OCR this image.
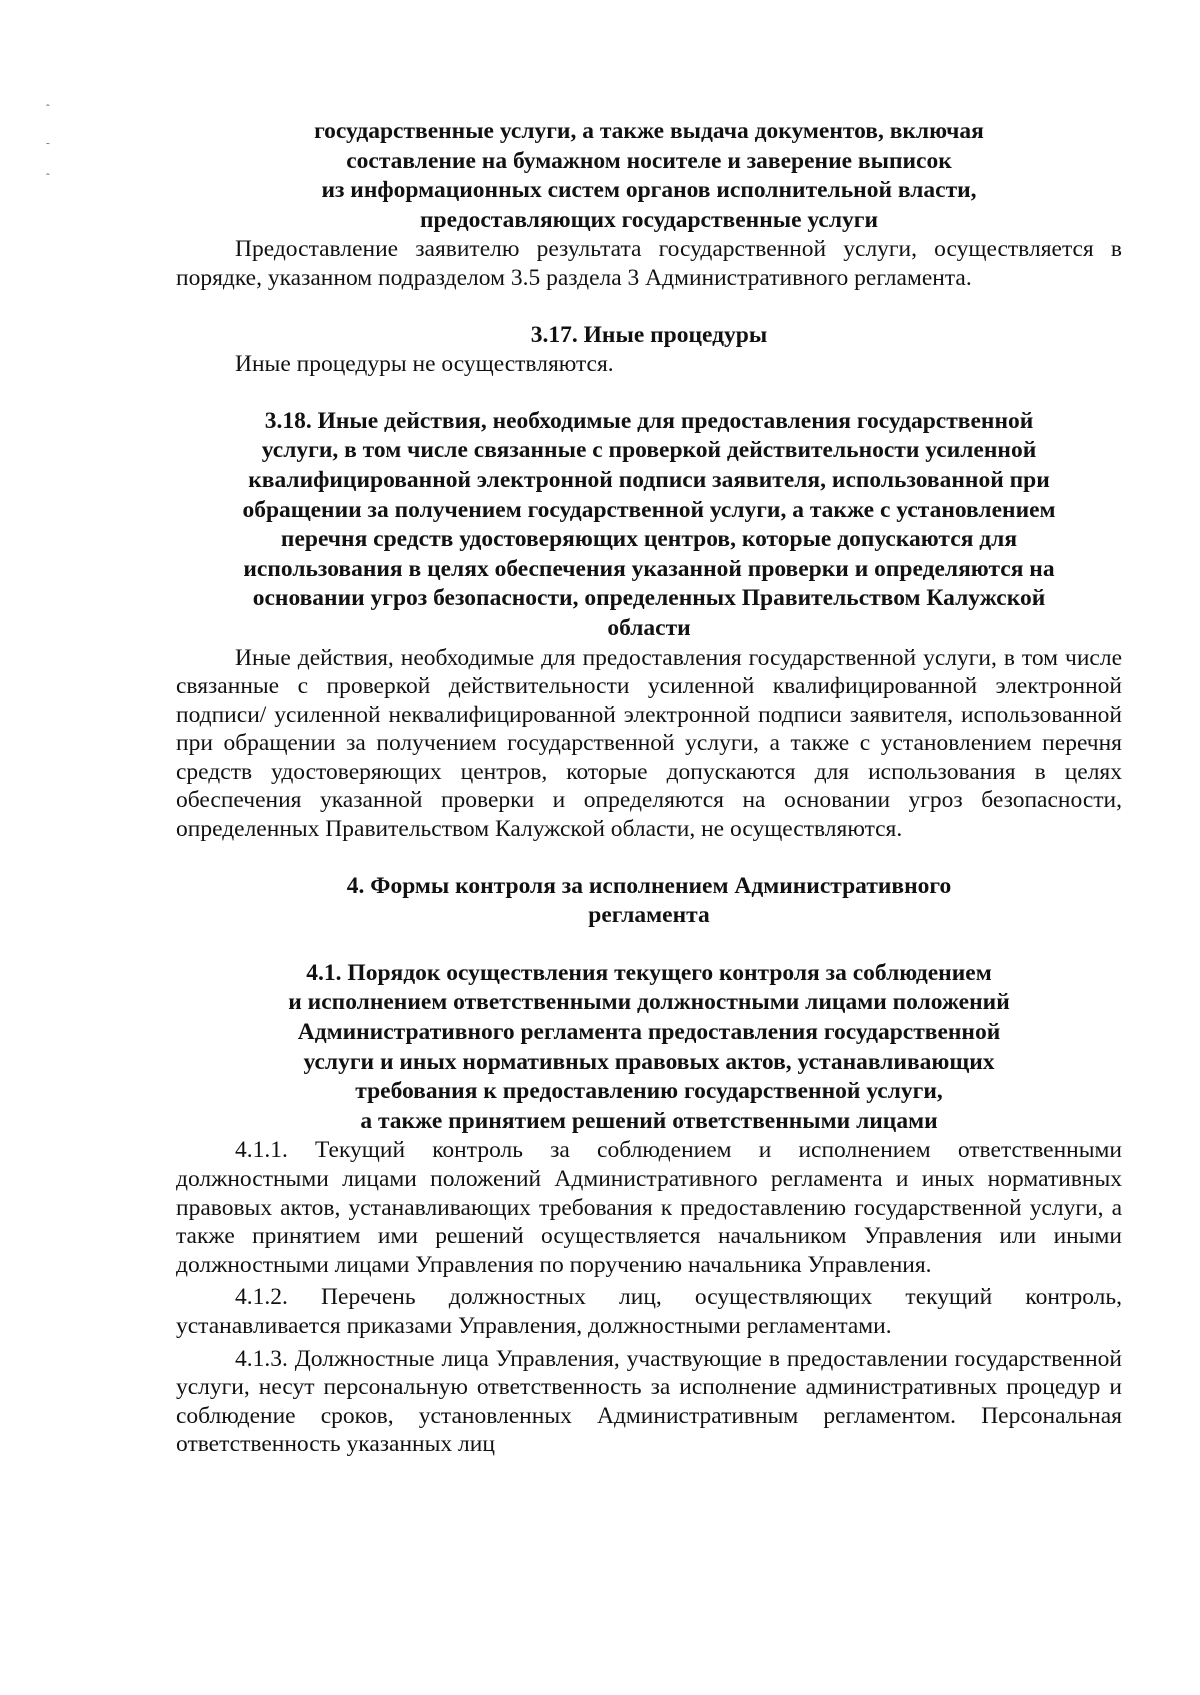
ˆ
˜
ˆ

государственные услуги, а также выдача документов, включая

составление на бумажном носителе и заверение выписок

из информационных систем органов исполнительной власти,

предоставляющих государственные услуги

Предоставление заявителю результата государственной услуги, осуществляется в порядке, указанном подразделом 3.5 раздела 3 Административного регламента.

3.17. Иные процедуры

Иные процедуры не осуществляются.

3.18. Иные действия, необходимые для предоставления государственной

услуги, в том числе связанные с проверкой действительности усиленной

квалифицированной электронной подписи заявителя, использованной при

обращении за получением государственной услуги, а также с установлением

перечня средств удостоверяющих центров, которые допускаются для

использования в целях обеспечения указанной проверки и определяются на

основании угроз безопасности, определенных Правительством Калужской

области

Иные действия, необходимые для предоставления государственной услуги, в том числе связанные с проверкой действительности усиленной квалифицированной электронной подписи/ усиленной неквалифицированной электронной подписи заявителя, использованной при обращении за получением государственной услуги, а также с установлением перечня средств удостоверяющих центров, которые допускаются для использования в целях обеспечения указанной проверки и определяются на основании угроз безопасности, определенных Правительством Калужской области, не осуществляются.

4. Формы контроля за исполнением Административного

регламента

4.1. Порядок осуществления текущего контроля за соблюдением

и исполнением ответственными должностными лицами положений

Административного регламента предоставления государственной

услуги и иных нормативных правовых актов, устанавливающих

требования к предоставлению государственной услуги,

а также принятием решений ответственными лицами

4.1.1. Текущий контроль за соблюдением и исполнением ответственными должностными лицами положений Административного регламента и иных нормативных правовых актов, устанавливающих требования к предоставлению государственной услуги, а также принятием ими решений осуществляется начальником Управления или иными должностными лицами Управления по поручению начальника Управления.

4.1.2. Перечень должностных лиц, осуществляющих текущий контроль, устанавливается приказами Управления, должностными регламентами.

4.1.3. Должностные лица Управления, участвующие в предоставлении государственной услуги, несут персональную ответственность за исполнение административных процедур и соблюдение сроков, установленных Административным регламентом. Персональная ответственность указанных лиц
